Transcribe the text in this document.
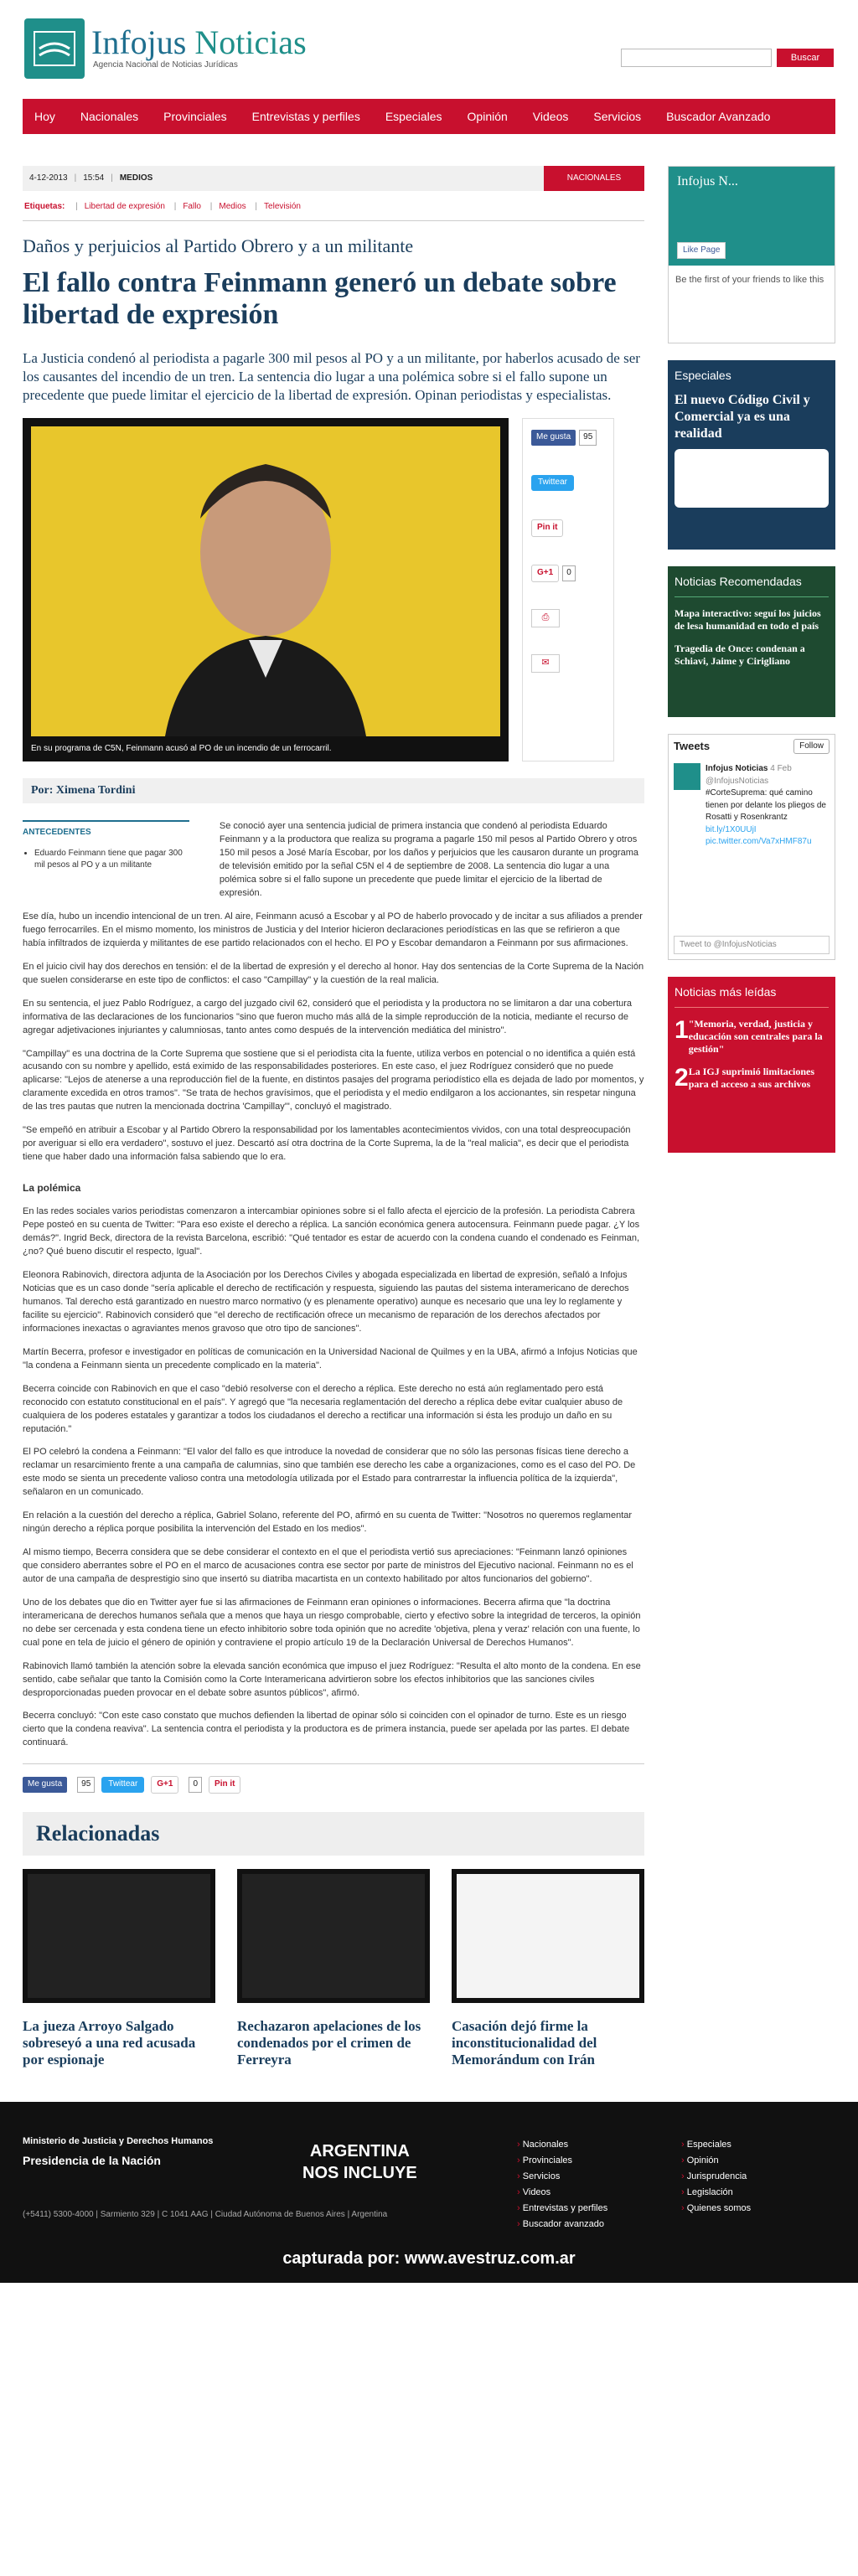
Infojus Noticias
Agencia Nacional de Noticias Jurídicas
Buscar
Hoy Nacionales Provinciales Entrevistas y perfiles Especiales Opinión Videos Servicios Buscador Avanzado
4-12-2013 | 15:54 | MEDIOS	NACIONALES
Etiquetas: | Libertad de expresión | Fallo | Medios | Televisión
Daños y perjuicios al Partido Obrero y a un militante
El fallo contra Feinmann generó un debate sobre libertad de expresión
La Justicia condenó al periodista a pagarle 300 mil pesos al PO y a un militante, por haberlos acusado de ser los causantes del incendio de un tren. La sentencia dio lugar a una polémica sobre si el fallo supone un precedente que puede limitar el ejercicio de la libertad de expresión. Opinan periodistas y especialistas.
En su programa de C5N, Feinmann acusó al PO de un incendio de un ferrocarril.
Me gusta	95
Twittear
Pin it
G+1	0
⎙
✉
Por: Ximena Tordini
ANTECEDENTES
• Eduardo Feinmann tiene que pagar 300 mil pesos al PO y a un militante
Se conoció ayer una sentencia judicial de primera instancia que condenó al periodista Eduardo Feinmann y a la productora que realiza su programa a pagarle 150 mil pesos al Partido Obrero y otros 150 mil pesos a José María Escobar, por los daños y perjuicios que les causaron durante un programa de televisión emitido por la señal C5N el 4 de septiembre de 2008. La sentencia dio lugar a una polémica sobre si el fallo supone un precedente que puede limitar el ejercicio de la libertad de expresión.
Ese día, hubo un incendio intencional de un tren. Al aire, Feinmann acusó a Escobar y al PO de haberlo provocado y de incitar a sus afiliados a prender fuego ferrocarriles. En el mismo momento, los ministros de Justicia y del Interior hicieron declaraciones periodísticas en las que se refirieron a que había infiltrados de izquierda y militantes de ese partido relacionados con el hecho. El PO y Escobar demandaron a Feinmann por sus afirmaciones.
En el juicio civil hay dos derechos en tensión: el de la libertad de expresión y el derecho al honor. Hay dos sentencias de la Corte Suprema de la Nación que suelen considerarse en este tipo de conflictos: el caso "Campillay" y la cuestión de la real malicia.
En su sentencia, el juez Pablo Rodríguez, a cargo del juzgado civil 62, consideró que el periodista y la productora no se limitaron a dar una cobertura informativa de las declaraciones de los funcionarios "sino que fueron mucho más allá de la simple reproducción de la noticia, mediante el recurso de agregar adjetivaciones injuriantes y calumniosas, tanto antes como después de la intervención mediática del ministro".
"Campillay" es una doctrina de la Corte Suprema que sostiene que si el periodista cita la fuente, utiliza verbos en potencial o no identifica a quién está acusando con su nombre y apellido, está eximido de las responsabilidades posteriores. En este caso, el juez Rodríguez consideró que no puede aplicarse: "Lejos de atenerse a una reproducción fiel de la fuente, en distintos pasajes del programa periodístico ella es dejada de lado por momentos, y claramente excedida en otros tramos". "Se trata de hechos gravísimos, que el periodista y el medio endilgaron a los accionantes, sin respetar ninguna de las tres pautas que nutren la mencionada doctrina 'Campillay'", concluyó el magistrado.
"Se empeñó en atribuir a Escobar y al Partido Obrero la responsabilidad por los lamentables acontecimientos vividos, con una total despreocupación por averiguar si ello era verdadero", sostuvo el juez. Descartó así otra doctrina de la Corte Suprema, la de la "real malicia", es decir que el periodista tiene que haber dado una información falsa sabiendo que lo era.
La polémica
En las redes sociales varios periodistas comenzaron a intercambiar opiniones sobre si el fallo afecta el ejercicio de la profesión. La periodista Cabrera Pepe posteó en su cuenta de Twitter: "Para eso existe el derecho a réplica. La sanción económica genera autocensura. Feinmann puede pagar. ¿Y los demás?". Ingrid Beck, directora de la revista Barcelona, escribió: "Qué tentador es estar de acuerdo con la condena cuando el condenado es Feinman, ¿no? Qué bueno discutir el respecto, Igual".
Eleonora Rabinovich, directora adjunta de la Asociación por los Derechos Civiles y abogada especializada en libertad de expresión, señaló a Infojus Noticias que es un caso donde "sería aplicable el derecho de rectificación y respuesta, siguiendo las pautas del sistema interamericano de derechos humanos. Tal derecho está garantizado en nuestro marco normativo (y es plenamente operativo) aunque es necesario que una ley lo reglamente y facilite su ejercicio". Rabinovich consideró que "el derecho de rectificación ofrece un mecanismo de reparación de los derechos afectados por informaciones inexactas o agraviantes menos gravoso que otro tipo de sanciones".
Martín Becerra, profesor e investigador en políticas de comunicación en la Universidad Nacional de Quilmes y en la UBA, afirmó a Infojus Noticias que "la condena a Feinmann sienta un precedente complicado en la materia".
Becerra coincide con Rabinovich en que el caso "debió resolverse con el derecho a réplica. Este derecho no está aún reglamentado pero está reconocido con estatuto constitucional en el país". Y agregó que "la necesaria reglamentación del derecho a réplica debe evitar cualquier abuso de cualquiera de los poderes estatales y garantizar a todos los ciudadanos el derecho a rectificar una información si ésta les produjo un daño en su reputación."
El PO celebró la condena a Feinmann: "El valor del fallo es que introduce la novedad de considerar que no sólo las personas físicas tiene derecho a reclamar un resarcimiento frente a una campaña de calumnias, sino que también ese derecho les cabe a organizaciones, como es el caso del PO. De este modo se sienta un precedente valioso contra una metodología utilizada por el Estado para contrarrestar la influencia política de la izquierda", señalaron en un comunicado.
En relación a la cuestión del derecho a réplica, Gabriel Solano, referente del PO, afirmó en su cuenta de Twitter: "Nosotros no queremos reglamentar ningún derecho a réplica porque posibilita la intervención del Estado en los medios".
Al mismo tiempo, Becerra considera que se debe considerar el contexto en el que el periodista vertió sus apreciaciones: "Feinmann lanzó opiniones que considero aberrantes sobre el PO en el marco de acusaciones contra ese sector por parte de ministros del Ejecutivo nacional. Feinmann no es el autor de una campaña de desprestigio sino que insertó su diatriba macartista en un contexto habilitado por altos funcionarios del gobierno".
Uno de los debates que dio en Twitter ayer fue si las afirmaciones de Feinmann eran opiniones o informaciones. Becerra afirma que "la doctrina interamericana de derechos humanos señala que a menos que haya un riesgo comprobable, cierto y efectivo sobre la integridad de terceros, la opinión no debe ser cercenada y esta condena tiene un efecto inhibitorio sobre toda opinión que no acredite 'objetiva, plena y veraz' relación con una fuente, lo cual pone en tela de juicio el género de opinión y contraviene el propio artículo 19 de la Declaración Universal de Derechos Humanos".
Rabinovich llamó también la atención sobre la elevada sanción económica que impuso el juez Rodríguez: "Resulta el alto monto de la condena. En ese sentido, cabe señalar que tanto la Comisión como la Corte Interamericana advirtieron sobre los efectos inhibitorios que las sanciones civiles desproporcionadas pueden provocar en el debate sobre asuntos públicos", afirmó.
Becerra concluyó: "Con este caso constato que muchos defienden la libertad de opinar sólo si coinciden con el opinador de turno. Este es un riesgo cierto que la condena reaviva". La sentencia contra el periodista y la productora es de primera instancia, puede ser apelada por las partes. El debate continuará.
Me gusta	95	Twittear	G+1	0	Pin it
Relacionadas
La jueza Arroyo Salgado sobreseyó a una red acusada por espionaje
Rechazaron apelaciones de los condenados por el crimen de Ferreyra
Casación dejó firme la inconstitucionalidad del Memorándum con Irán
Infojus N...
Like Page
Be the first of your friends to like this
Especiales
El nuevo Código Civil y Comercial ya es una realidad
Noticias Recomendadas
Mapa interactivo: seguí los juicios de lesa humanidad en todo el país
Tragedia de Once: condenan a Schiavi, Jaime y Cirigliano
Tweets	Follow
Infojus Noticias 4 Feb
@InfojusNoticias
#CorteSuprema: qué camino tienen por delante los pliegos de Rosatti y Rosenkrantz
bit.ly/1X0UUjI pic.twitter.com/Va7xHMF87u
Tweet to @InfojusNoticias
Noticias más leídas
1 "Memoria, verdad, justicia y educación son centrales para la gestión"
2 La IGJ suprimió limitaciones para el acceso a sus archivos
Ministerio de Justicia y Derechos Humanos
Presidencia de la Nación	ARGENTINA
NOS INCLUYE
(+5411) 5300-4000 | Sarmiento 329 | C 1041 AAG | Ciudad Autónoma de Buenos Aires | Argentina
› Nacionales
› Provinciales
› Servicios
› Videos
› Entrevistas y perfiles
› Buscador avanzado
› Especiales
› Opinión
› Jurisprudencia
› Legislación
› Quienes somos
capturada por: www.avestruz.com.ar
